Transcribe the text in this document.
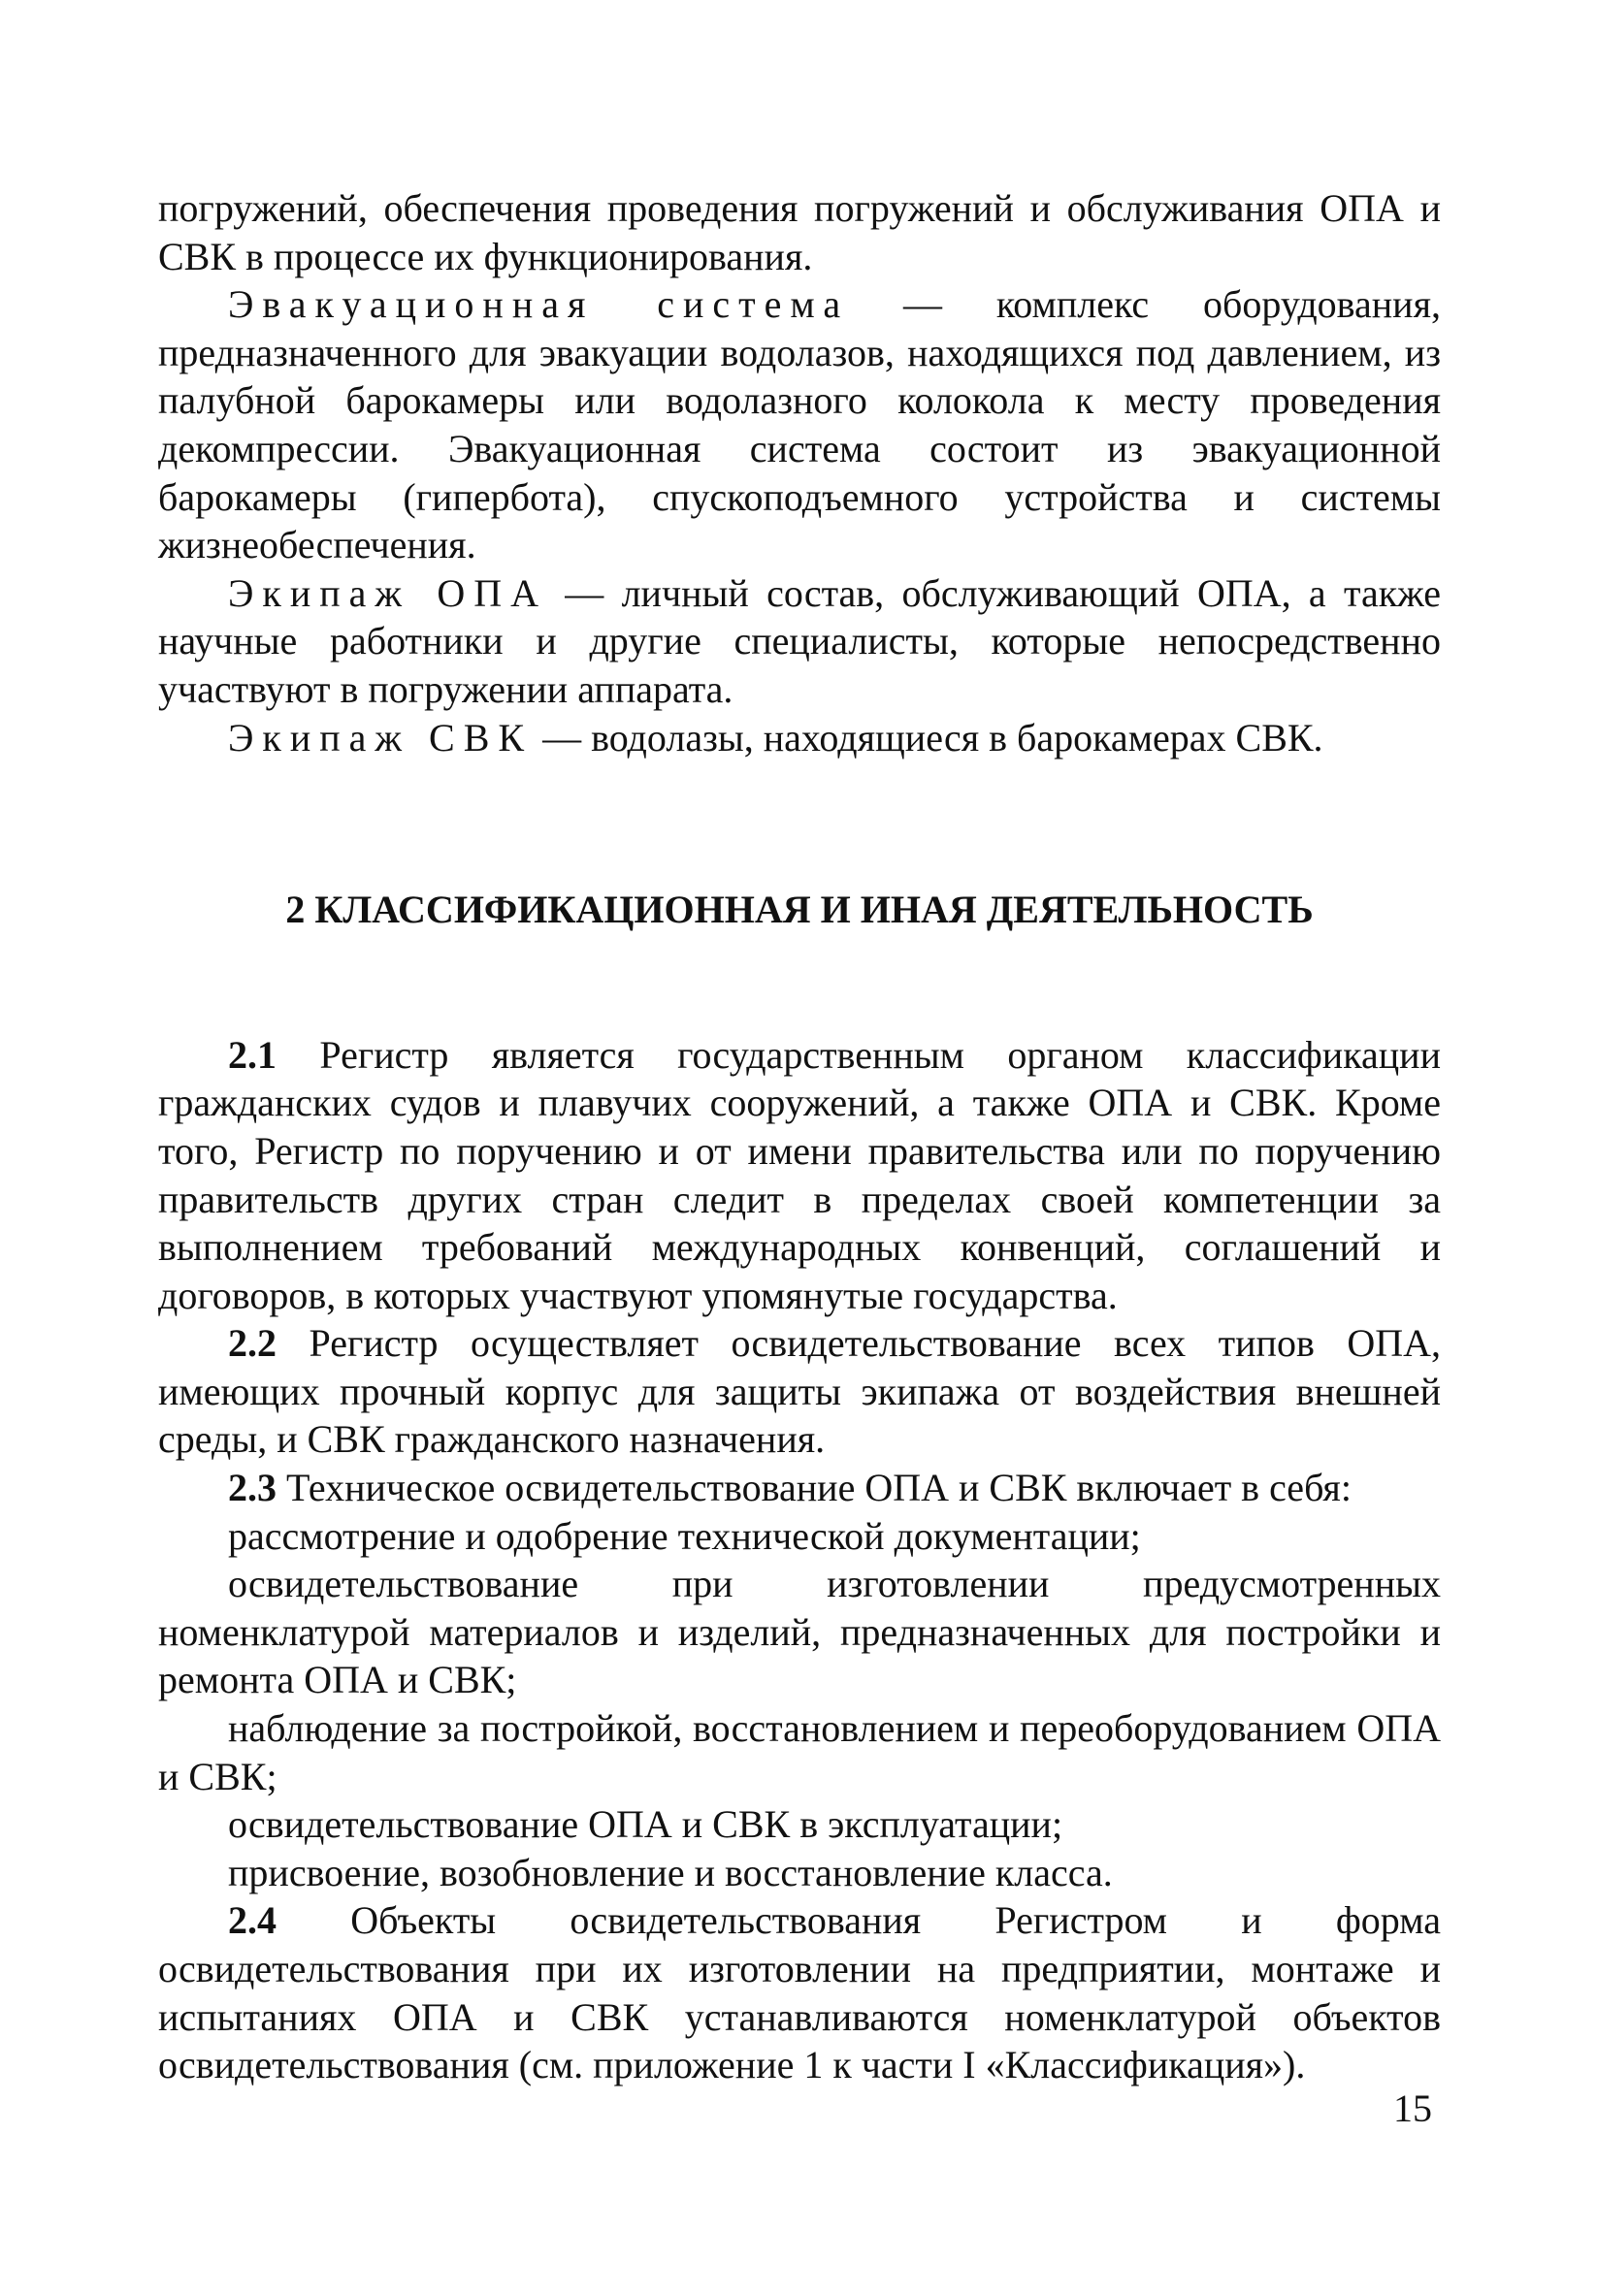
погружений, обеспечения проведения погружений и обслуживания ОПА и СВК в процессе их функционирования.

Эвакуационная система — комплекс оборудования, предназначенного для эвакуации водолазов, находящихся под давлением, из палубной барокамеры или водолазного колокола к месту проведения декомпрессии. Эвакуационная система состоит из эвакуационной барокамеры (гипербота), спускоподъемного устройства и системы жизнеобеспечения.

Экипаж ОПА — личный состав, обслуживающий ОПА, а также научные работники и другие специалисты, которые непосредственно участвуют в погружении аппарата.

Экипаж СВК — водолазы, находящиеся в барокамерах СВК.

2 КЛАССИФИКАЦИОННАЯ И ИНАЯ ДЕЯТЕЛЬНОСТЬ

2.1 Регистр является государственным органом классификации гражданских судов и плавучих сооружений, а также ОПА и СВК. Кроме того, Регистр по поручению и от имени правительства или по поручению правительств других стран следит в пределах своей компетенции за выполнением требований международных конвенций, соглашений и договоров, в которых участвуют упомянутые государства.

2.2 Регистр осуществляет освидетельствование всех типов ОПА, имеющих прочный корпус для защиты экипажа от воздействия внешней среды, и СВК гражданского назначения.

2.3 Техническое освидетельствование ОПА и СВК включает в себя:

рассмотрение и одобрение технической документации;

освидетельствование при изготовлении предусмотренных номенклатурой материалов и изделий, предназначенных для постройки и ремонта ОПА и СВК;

наблюдение за постройкой, восстановлением и переоборудованием ОПА и СВК;

освидетельствование ОПА и СВК в эксплуатации;

присвоение, возобновление и восстановление класса.

2.4 Объекты освидетельствования Регистром и форма освидетельствования при их изготовлении на предприятии, монтаже и испытаниях ОПА и СВК устанавливаются номенклатурой объектов освидетельствования (см. приложение 1 к части I «Классификация»).

15
